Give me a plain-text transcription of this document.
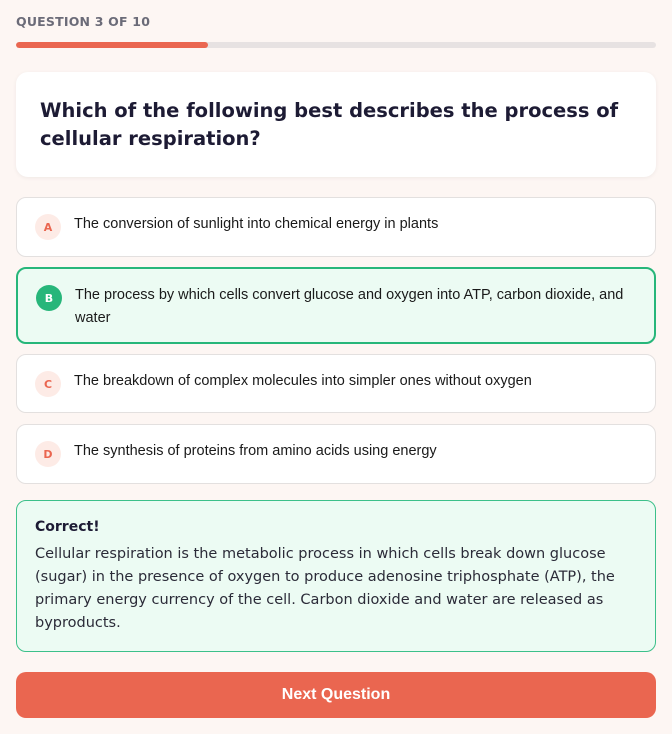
QUESTION 3 OF 10
Which of the following best describes the process of cellular respiration?
A	The conversion of sunlight into chemical energy in plants
B	The process by which cells convert glucose and oxygen into ATP, carbon dioxide, and water
C	The breakdown of complex molecules into simpler ones without oxygen
D	The synthesis of proteins from amino acids using energy
Correct!
Cellular respiration is the metabolic process in which cells break down glucose (sugar) in the presence of oxygen to produce adenosine triphosphate (ATP), the primary energy currency of the cell. Carbon dioxide and water are released as byproducts.
Next Question
